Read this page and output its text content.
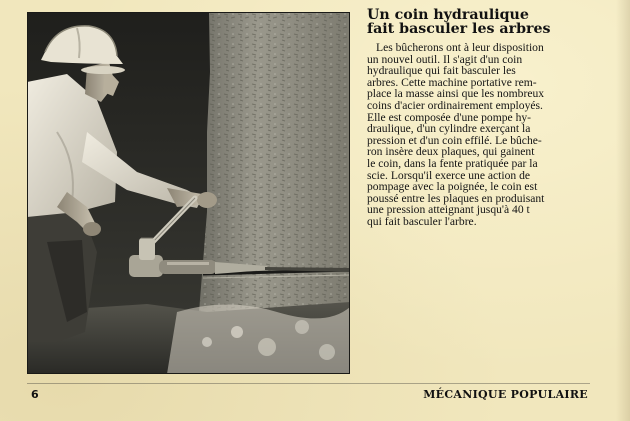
Un coin hydraulique
fait basculer les arbres
Les bûcherons ont à leur disposition
un nouvel outil. Il s'agit d'un coin
hydraulique qui fait basculer les
arbres. Cette machine portative rem-
place la masse ainsi que les nombreux
coins d'acier ordinairement employés.
Elle est composée d'une pompe hy-
draulique, d'un cylindre exerçant la
pression et d'un coin effilé. Le bûche-
ron insère deux plaques, qui gainent
le coin, dans la fente pratiquée par la
scie. Lorsqu'il exerce une action de
pompage avec la poignée, le coin est
poussé entre les plaques en produisant
une pression atteignant jusqu'à 40 t
qui fait basculer l'arbre.
6	MÉCANIQUE POPULAIRE
